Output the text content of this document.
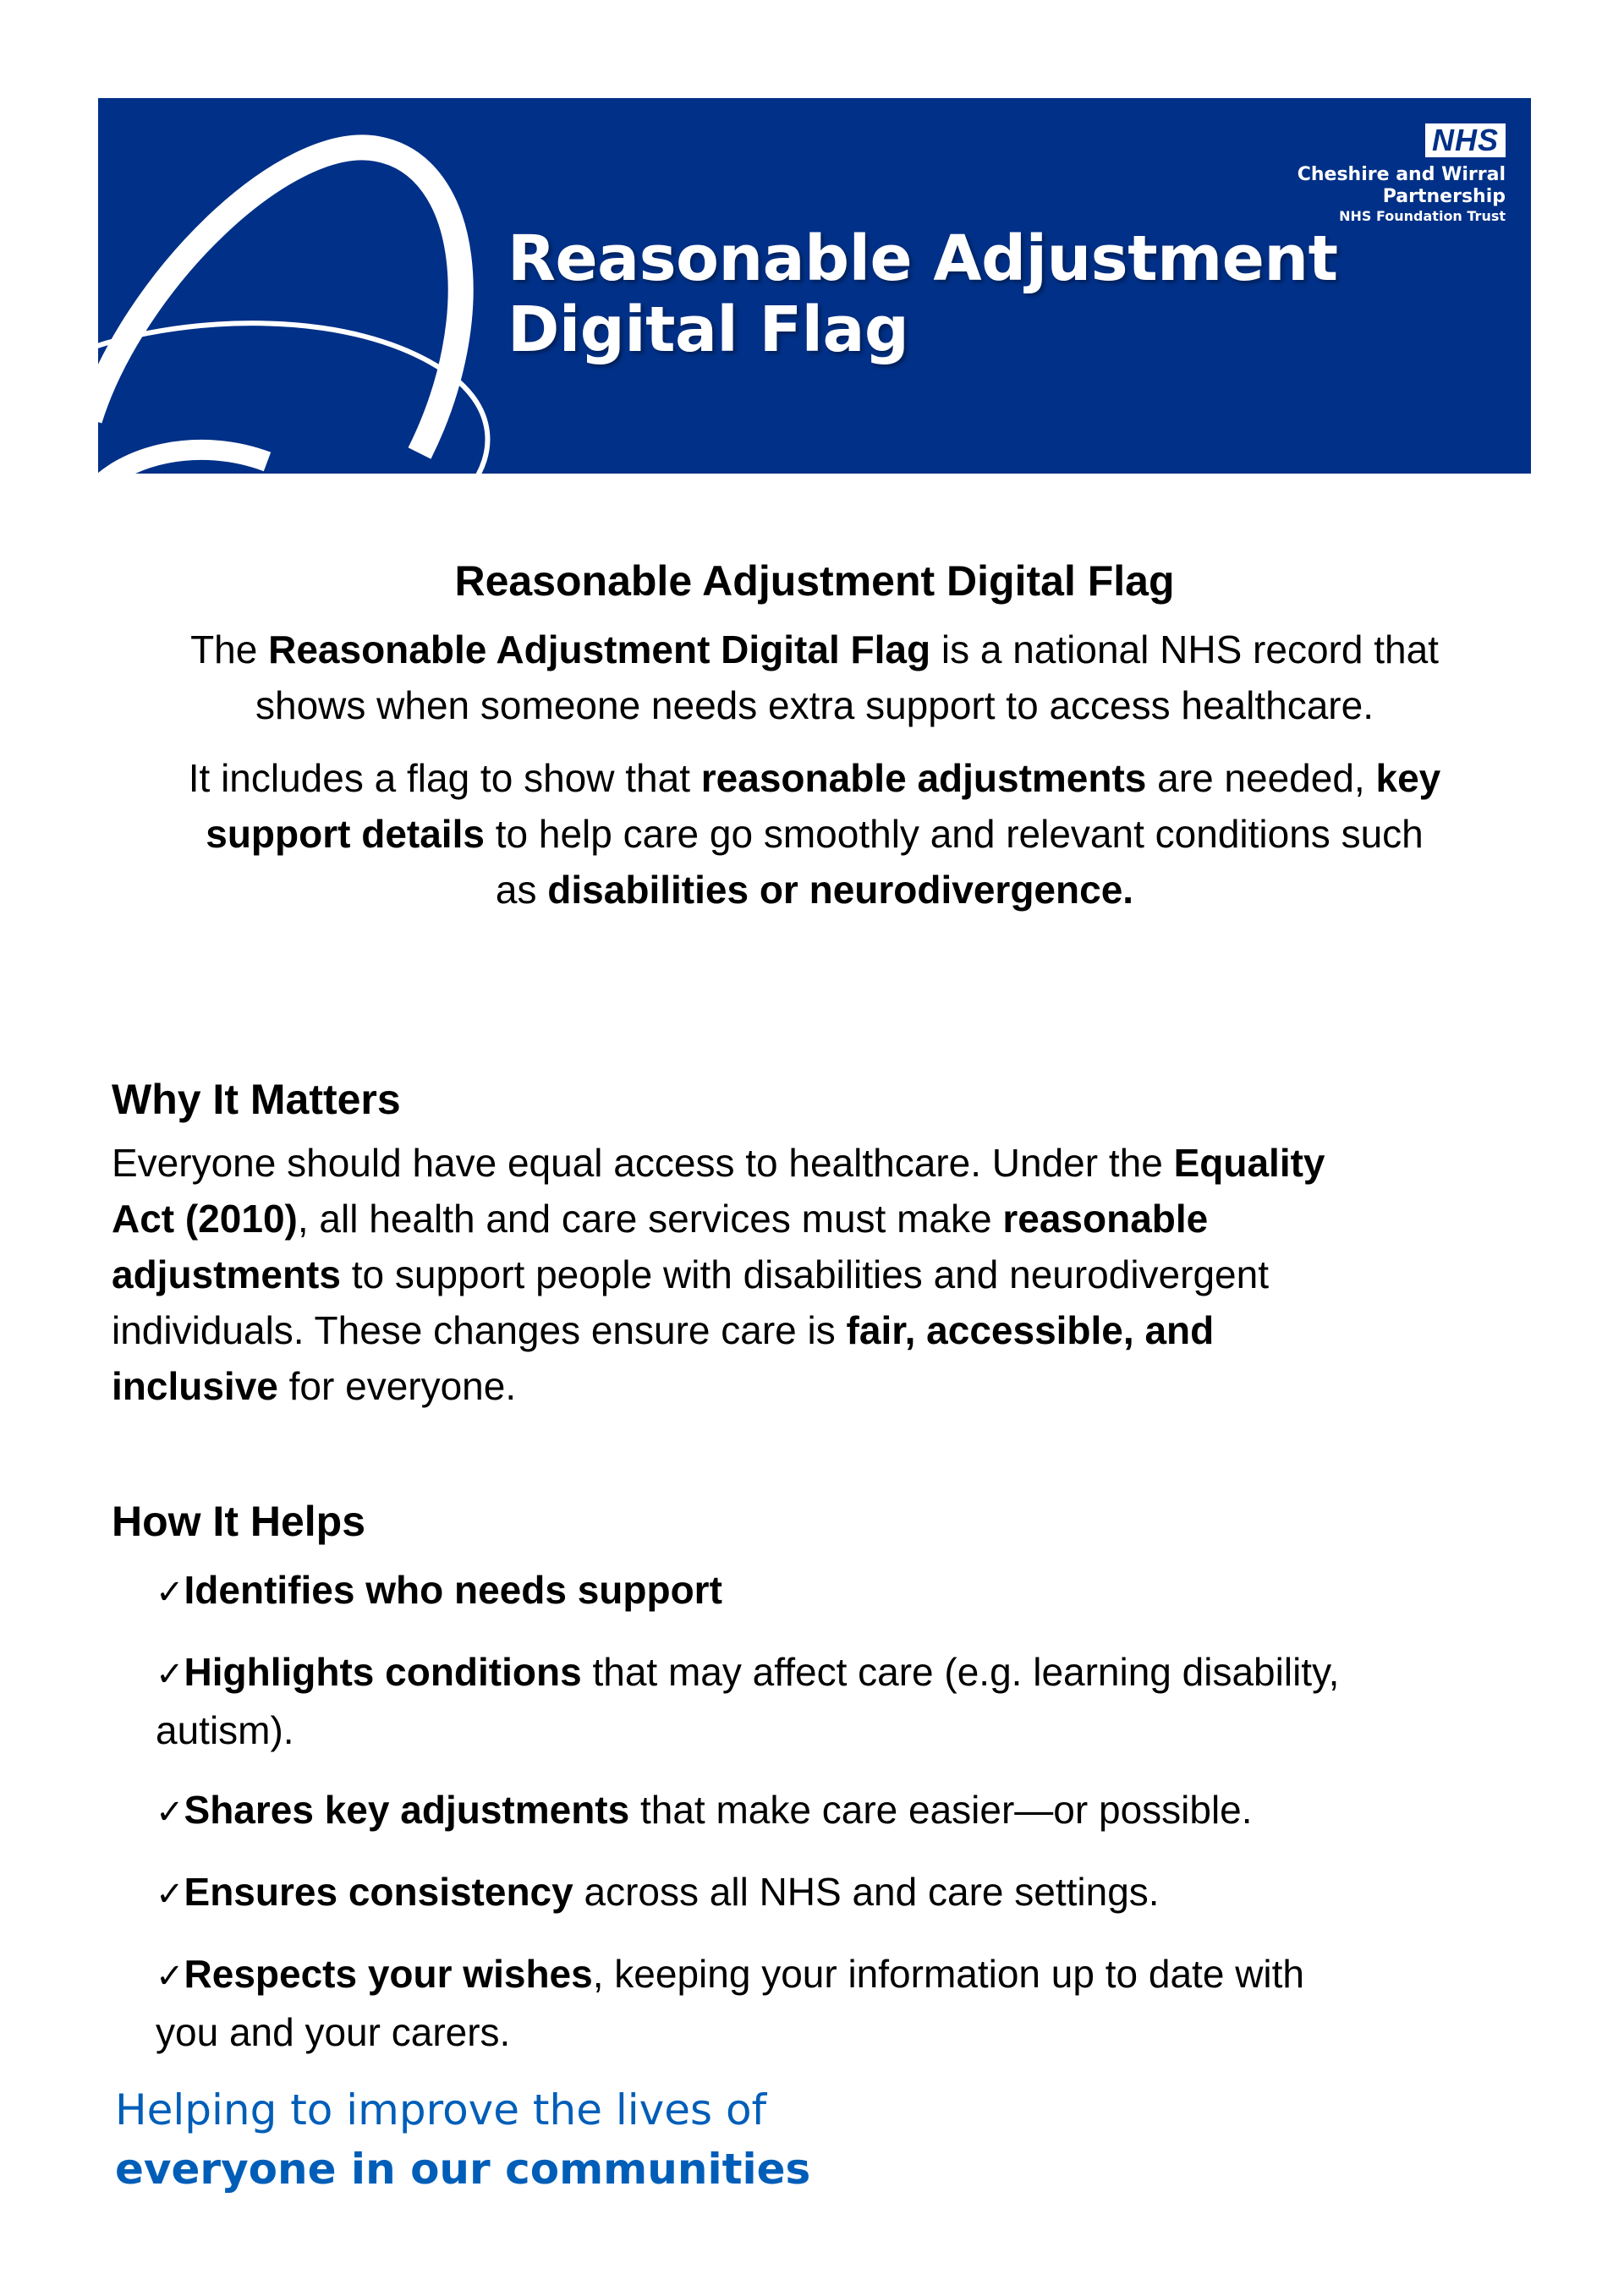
Reasonable Adjustment
Digital Flag
NHS
Cheshire and Wirral
Partnership
NHS Foundation Trust
Reasonable Adjustment Digital Flag

The Reasonable Adjustment Digital Flag is a national NHS record that
shows when someone needs extra support to access healthcare.

It includes a flag to show that reasonable adjustments are needed, key
support details to help care go smoothly and relevant conditions such
as disabilities or neurodivergence.

Why It Matters

Everyone should have equal access to healthcare. Under the Equality
Act (2010), all health and care services must make reasonable
adjustments to support people with disabilities and neurodivergent
individuals. These changes ensure care is fair, accessible, and
inclusive for everyone.

How It Helps
✓Identifies who needs support
✓Highlights conditions that may affect care (e.g. learning disability,
autism).
✓Shares key adjustments that make care easier—or possible.
✓Ensures consistency across all NHS and care settings.
✓Respects your wishes, keeping your information up to date with
you and your carers.
Helping to improve the lives of
everyone in our communities
